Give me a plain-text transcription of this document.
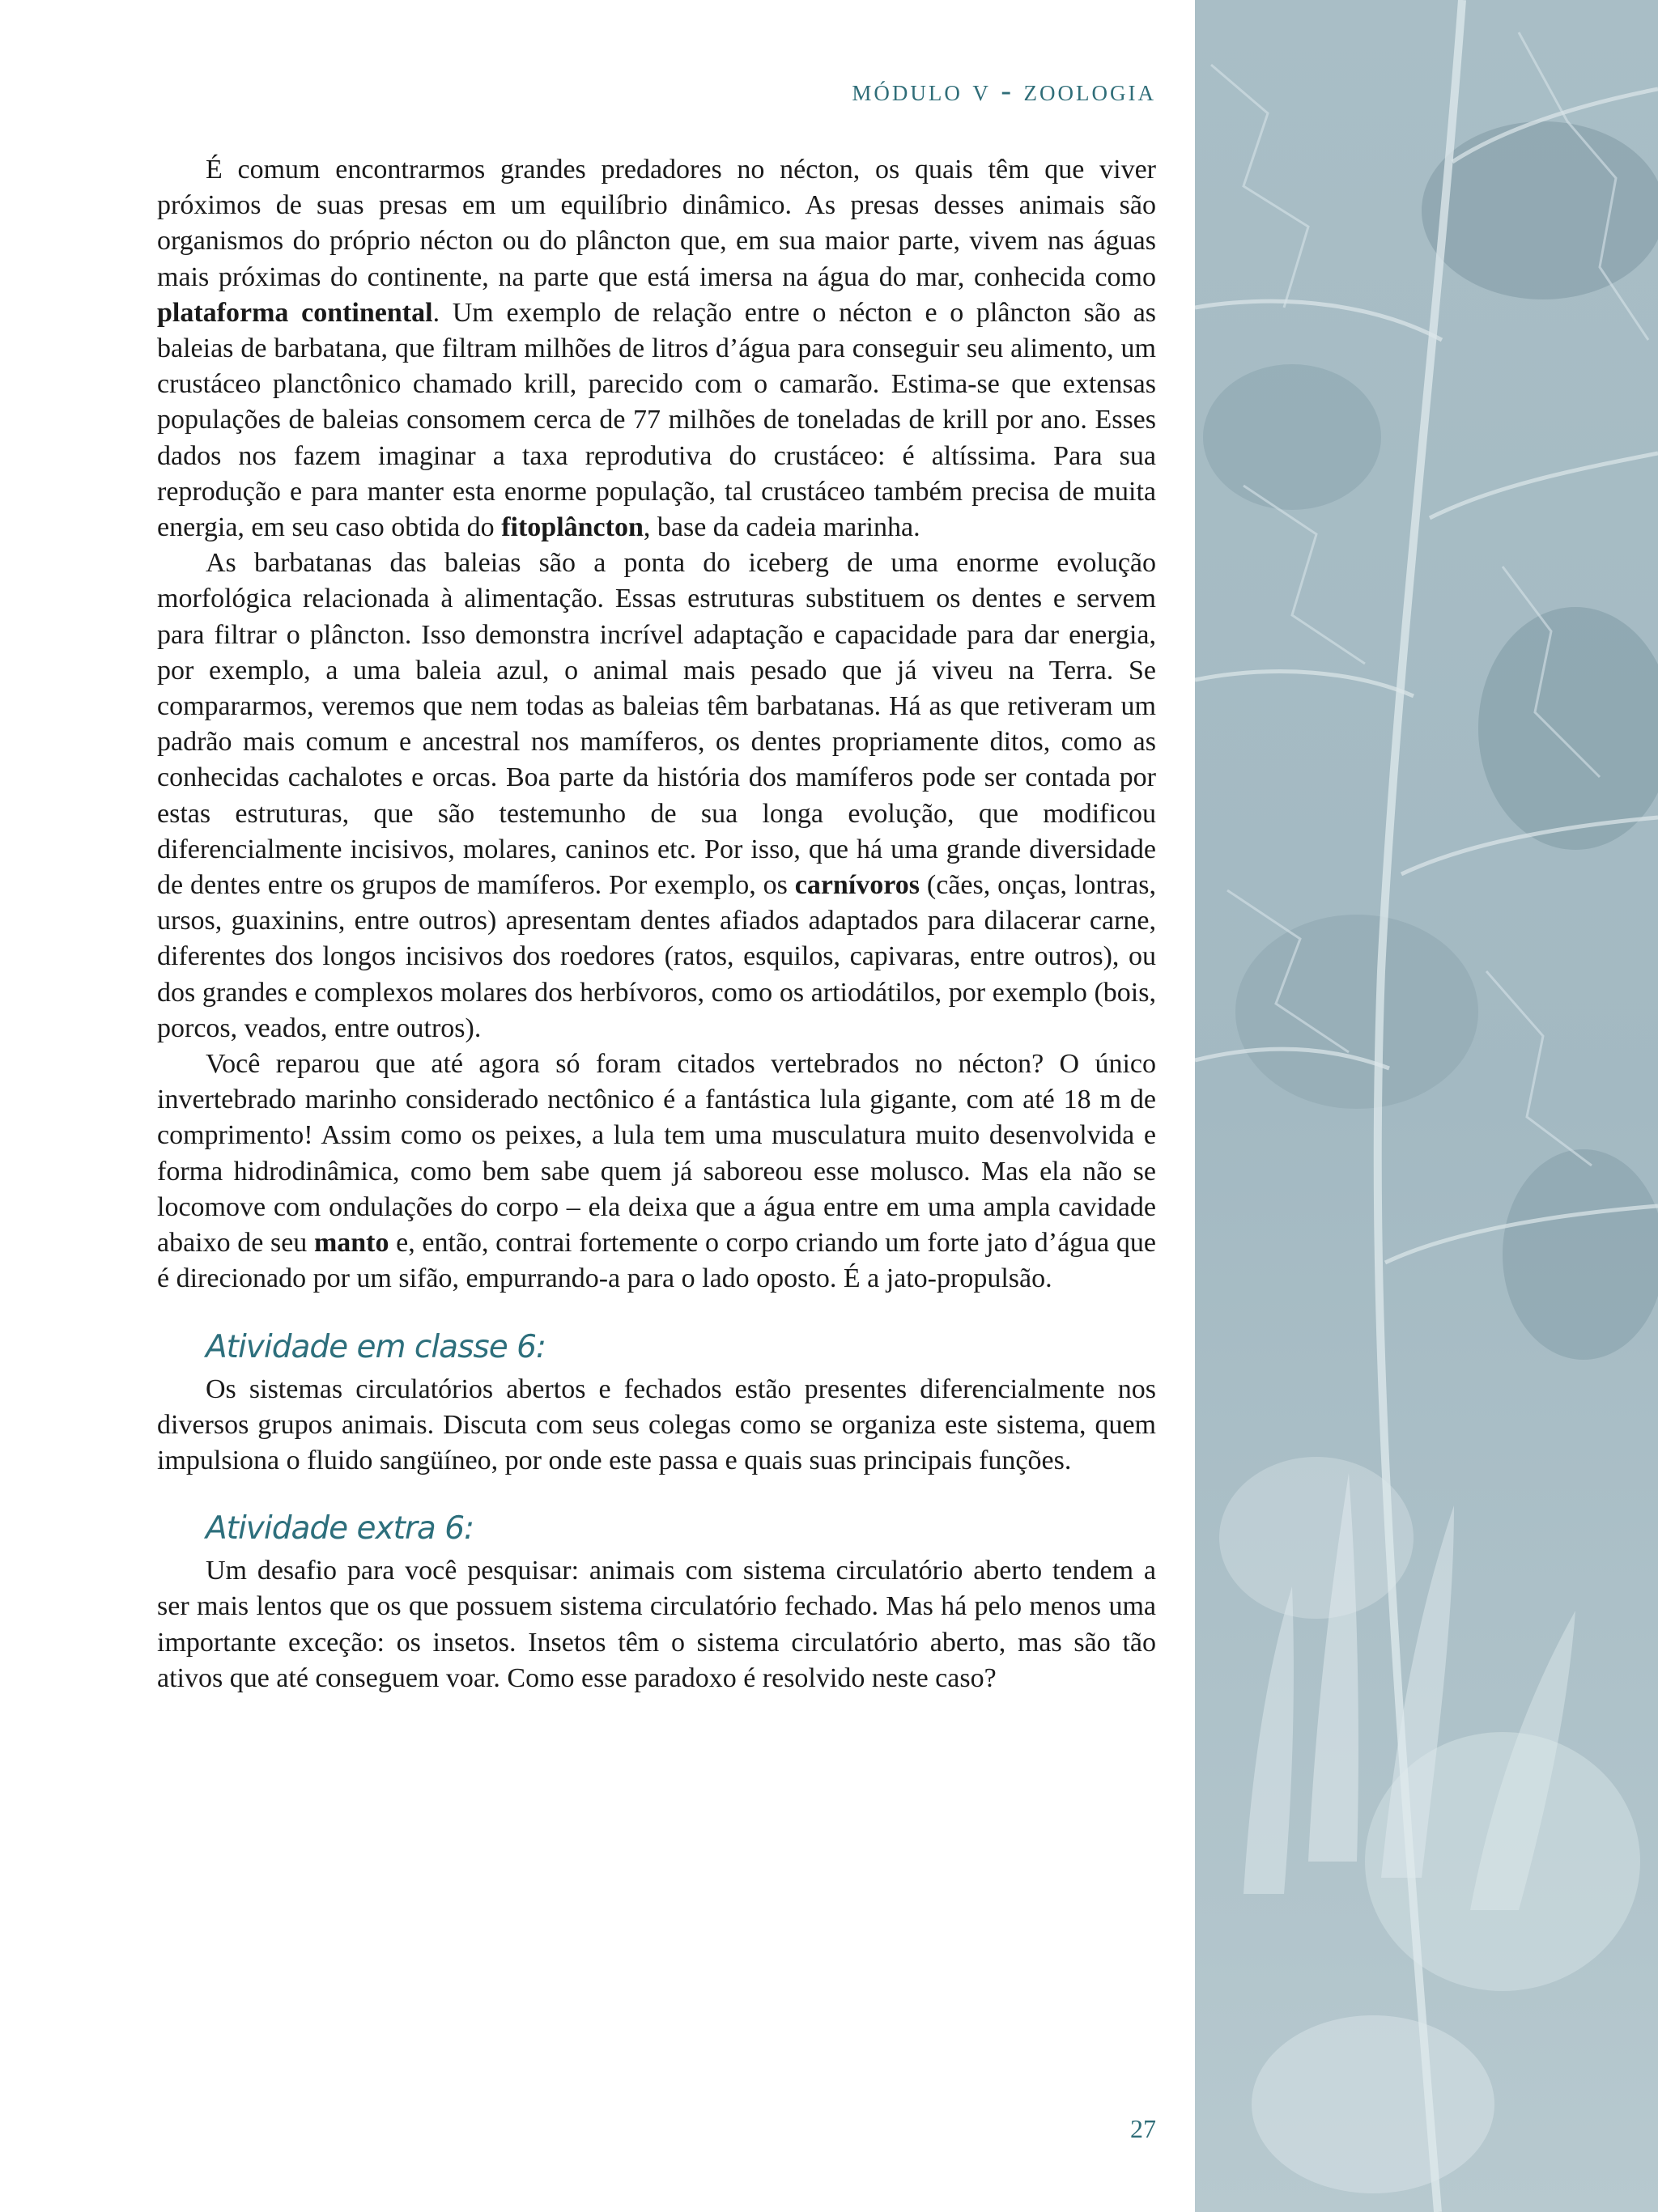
módulo v - zoologia

É comum encontrarmos grandes predadores no nécton, os quais têm que viver próximos de suas presas em um equilíbrio dinâmico. As presas desses animais são organismos do próprio nécton ou do plâncton que, em sua maior parte, vivem nas águas mais próximas do continente, na parte que está imersa na água do mar, conhecida como plataforma continental. Um exemplo de relação entre o nécton e o plâncton são as baleias de barbatana, que filtram milhões de litros d’água para conseguir seu alimento, um crustáceo planctônico chamado krill, parecido com o camarão. Estima-se que extensas populações de baleias consomem cerca de 77 milhões de toneladas de krill por ano. Esses dados nos fazem imaginar a taxa reprodutiva do crustáceo: é altíssima. Para sua reprodução e para manter esta enorme população, tal crustáceo também precisa de muita energia, em seu caso obtida do fitoplâncton, base da cadeia marinha.

As barbatanas das baleias são a ponta do iceberg de uma enorme evolução morfológica relacionada à alimentação. Essas estruturas substituem os dentes e servem para filtrar o plâncton. Isso demonstra incrível adaptação e capacidade para dar energia, por exemplo, a uma baleia azul, o animal mais pesado que já viveu na Terra. Se compararmos, veremos que nem todas as baleias têm barbatanas. Há as que retiveram um padrão mais comum e ancestral nos mamíferos, os dentes propriamente ditos, como as conhecidas cachalotes e orcas. Boa parte da história dos mamíferos pode ser contada por estas estruturas, que são testemunho de sua longa evolução, que modificou diferencialmente incisivos, molares, caninos etc. Por isso, que há uma grande diversidade de dentes entre os grupos de mamíferos. Por exemplo, os carnívoros (cães, onças, lontras, ursos, guaxinins, entre outros) apresentam dentes afiados adaptados para dilacerar carne, diferentes dos longos incisivos dos roedores (ratos, esquilos, capivaras, entre outros), ou dos grandes e complexos molares dos herbívoros, como os artiodátilos, por exemplo (bois, porcos, veados, entre outros).

Você reparou que até agora só foram citados vertebrados no nécton? O único invertebrado marinho considerado nectônico é a fantástica lula gigante, com até 18 m de comprimento! Assim como os peixes, a lula tem uma musculatura muito desenvolvida e forma hidrodinâmica, como bem sabe quem já saboreou esse molusco. Mas ela não se locomove com ondulações do corpo – ela deixa que a água entre em uma ampla cavidade abaixo de seu manto e, então, contrai fortemente o corpo criando um forte jato d’água que é direcionado por um sifão, empurrando-a para o lado oposto. É a jato-propulsão.

Atividade em classe 6:

Os sistemas circulatórios abertos e fechados estão presentes diferencialmente nos diversos grupos animais. Discuta com seus colegas como se organiza este sistema, quem impulsiona o fluido sangüíneo, por onde este passa e quais suas principais funções.

Atividade extra 6:

Um desafio para você pesquisar: animais com sistema circulatório aberto tendem a ser mais lentos que os que possuem sistema circulatório fechado. Mas há pelo menos uma importante exceção: os insetos. Insetos têm o sistema circulatório aberto, mas são tão ativos que até conseguem voar. Como esse paradoxo é resolvido neste caso?

27
